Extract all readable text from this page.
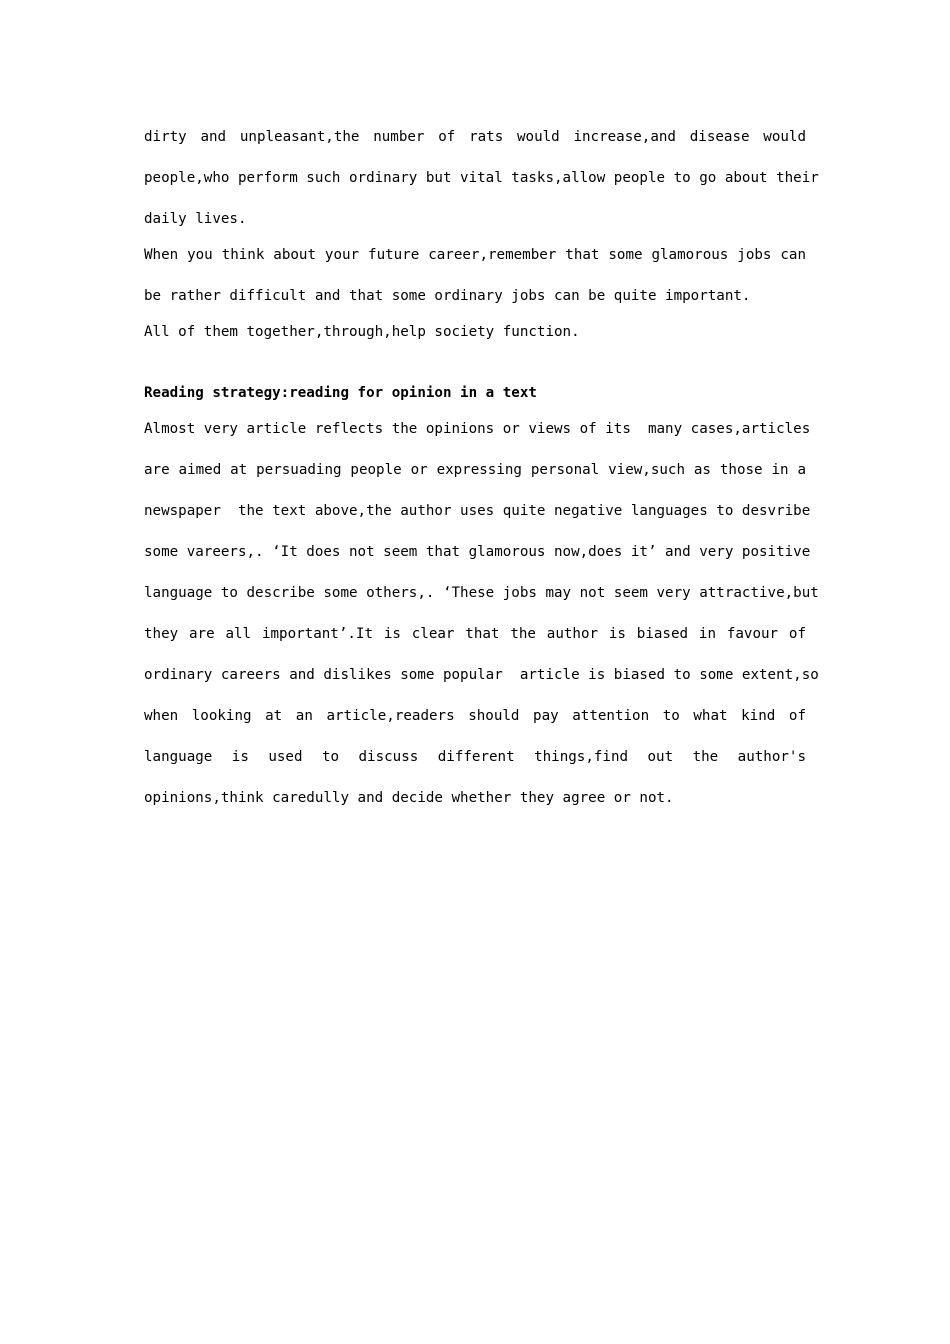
dirty and unpleasant,the number of rats would increase,and disease would
people,who perform such ordinary but vital tasks,allow people to go about their
daily lives.
When you think about your future career,remember that some glamorous jobs can
be rather difficult and that some ordinary jobs can be quite important.
All of them together,through,help society function.
Reading strategy:reading for opinion in a text
Almost very article reflects the opinions or views of its  many cases,articles
are aimed at persuading people or expressing personal view,such as those in a
newspaper  the text above,the author uses quite negative languages to desvribe
some vareers,. ‘It does not seem that glamorous now,does it’ and very positive
language to describe some others,. ‘These jobs may not seem very attractive,but
they are all important’.It is clear that the author is biased in favour of
ordinary careers and dislikes some popular  article is biased to some extent,so
when looking at an article,readers should pay attention to what kind of
language is used to discuss different things,find out the author's
opinions,think caredully and decide whether they agree or not.
